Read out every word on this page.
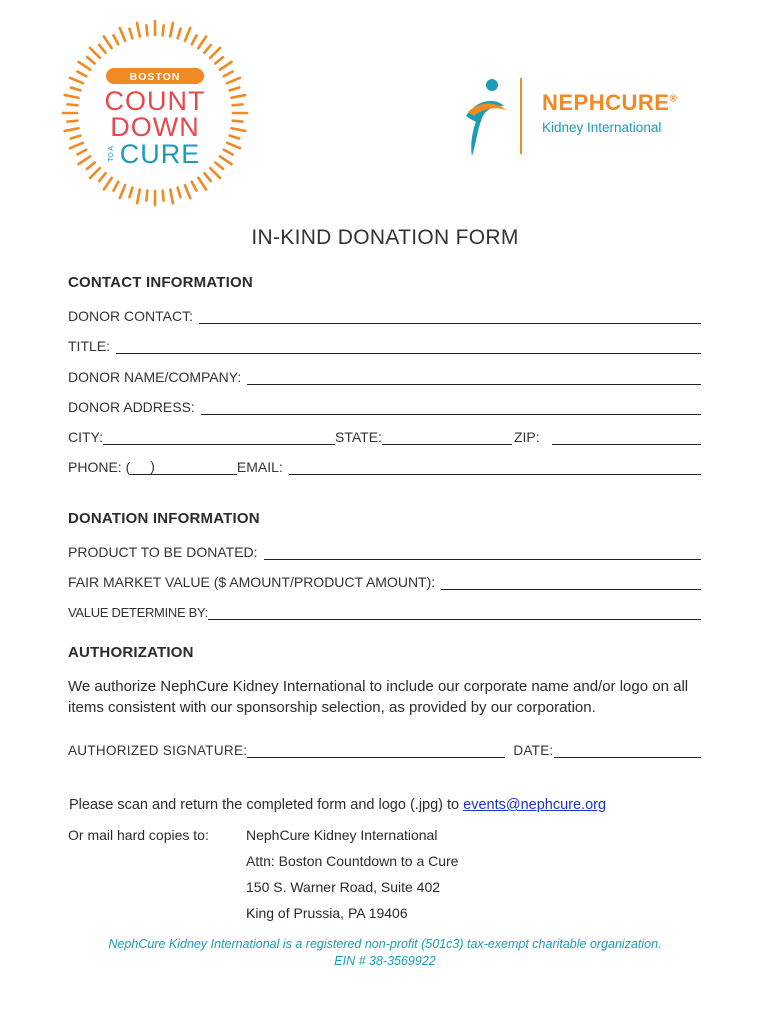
BOSTON
COUNT
DOWN
TO A CURE
NEPHCURE®
Kidney International
IN-KIND DONATION FORM
CONTACT INFORMATION
DONOR CONTACT:
TITLE:
DONOR NAME/COMPANY:
DONOR ADDRESS:
CITY:	STATE:	ZIP:
PHONE: ( )	EMAIL:
DONATION INFORMATION
PRODUCT TO BE DONATED:
FAIR MARKET VALUE ($ AMOUNT/PRODUCT AMOUNT):
VALUE DETERMINE BY:
AUTHORIZATION
We authorize NephCure Kidney International to include our corporate name and/or logo on all items consistent with our sponsorship selection, as provided by our corporation.
AUTHORIZED SIGNATURE:	DATE:
Please scan and return the completed form and logo (.jpg) to events@nephcure.org
Or mail hard copies to:	NephCure Kidney International
Attn: Boston Countdown to a Cure
150 S. Warner Road, Suite 402
King of Prussia, PA 19406
NephCure Kidney International is a registered non-profit (501c3) tax-exempt charitable organization.
EIN # 38-3569922
